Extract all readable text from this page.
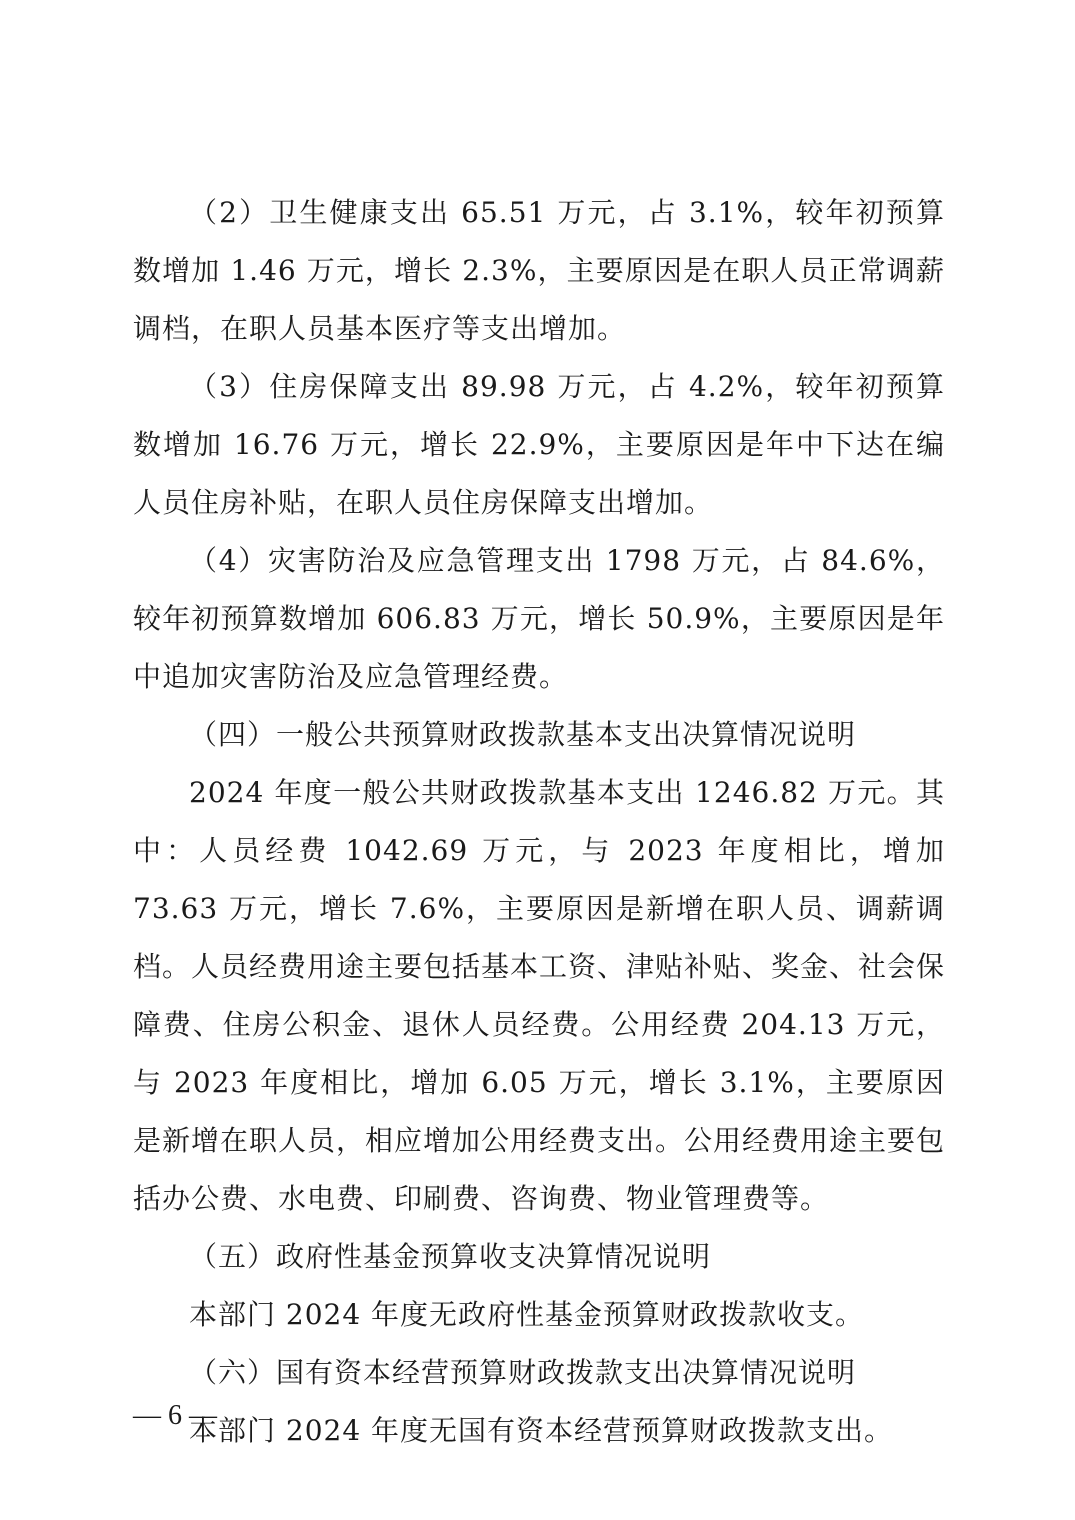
（2）卫生健康支出 65.51 万元，占 3.1%，较年初预算数增加 1.46 万元，增长 2.3%，主要原因是在职人员正常调薪调档，在职人员基本医疗等支出增加。

（3）住房保障支出 89.98 万元，占 4.2%，较年初预算数增加 16.76 万元，增长 22.9%，主要原因是年中下达在编人员住房补贴，在职人员住房保障支出增加。

（4）灾害防治及应急管理支出 1798 万元，占 84.6%，较年初预算数增加 606.83 万元，增长 50.9%，主要原因是年中追加灾害防治及应急管理经费。

（四）一般公共预算财政拨款基本支出决算情况说明

2024 年度一般公共财政拨款基本支出 1246.82 万元。其中：人员经费 1042.69 万元，与 2023 年度相比，增加 73.63 万元，增长 7.6%，主要原因是新增在职人员、调薪调档。人员经费用途主要包括基本工资、津贴补贴、奖金、社会保障费、住房公积金、退休人员经费。公用经费 204.13 万元，与 2023 年度相比，增加 6.05 万元，增长 3.1%，主要原因是新增在职人员，相应增加公用经费支出。公用经费用途主要包括办公费、水电费、印刷费、咨询费、物业管理费等。

（五）政府性基金预算收支决算情况说明

本部门 2024 年度无政府性基金预算财政拨款收支。

（六）国有资本经营预算财政拨款支出决算情况说明

本部门 2024 年度无国有资本经营预算财政拨款支出。

— 6 —
